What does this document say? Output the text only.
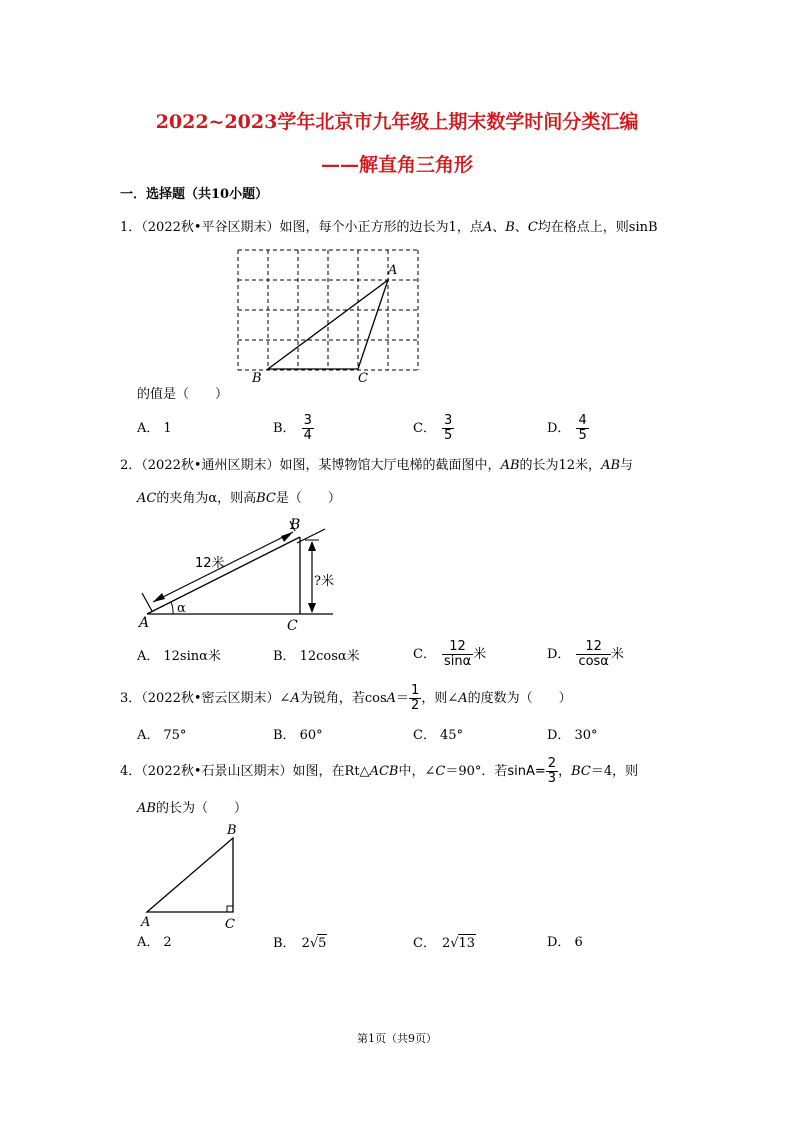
2022~2023学年北京市九年级上期末数学时间分类汇编
——解直角三角形
一．选择题（共10小题）
1．（2022秋•平谷区期末）如图，每个小正方形的边长为1，点A、B、C均在格点上，则sinB
A
B	C
的值是（　　）
A． 1	B． $\frac{3}{4}$	C． $\frac{3}{5}$	D． $\frac{4}{5}$
2．（2022秋•通州区期末）如图，某博物馆大厅电梯的截面图中，AB的长为12米，AB与
AC的夹角为α，则高BC是（　　）
12米
?米
α
A
B
C
A． 12sinα米	B． 12cosα米	C． $\frac{12}{\sin\alpha}$ 米	D． $\frac{12}{\cos\alpha}$ 米
3．（2022秋•密云区期末）∠A为锐角，若$\cos A= \frac{1}{2}$ ，则∠A的度数为（　　）
A． 75°	B． 60°	C． 45°	D． 30°
4．（2022秋•石景山区期末）如图，在Rt△ACB中，∠C＝90°．若$\sin A= \frac{2}{3}$ ，BC＝4，则
AB的长为（　　）
B
A	C
A． 2	B． 2√5	C． 2√13	D． 6
第1页（共9页）
